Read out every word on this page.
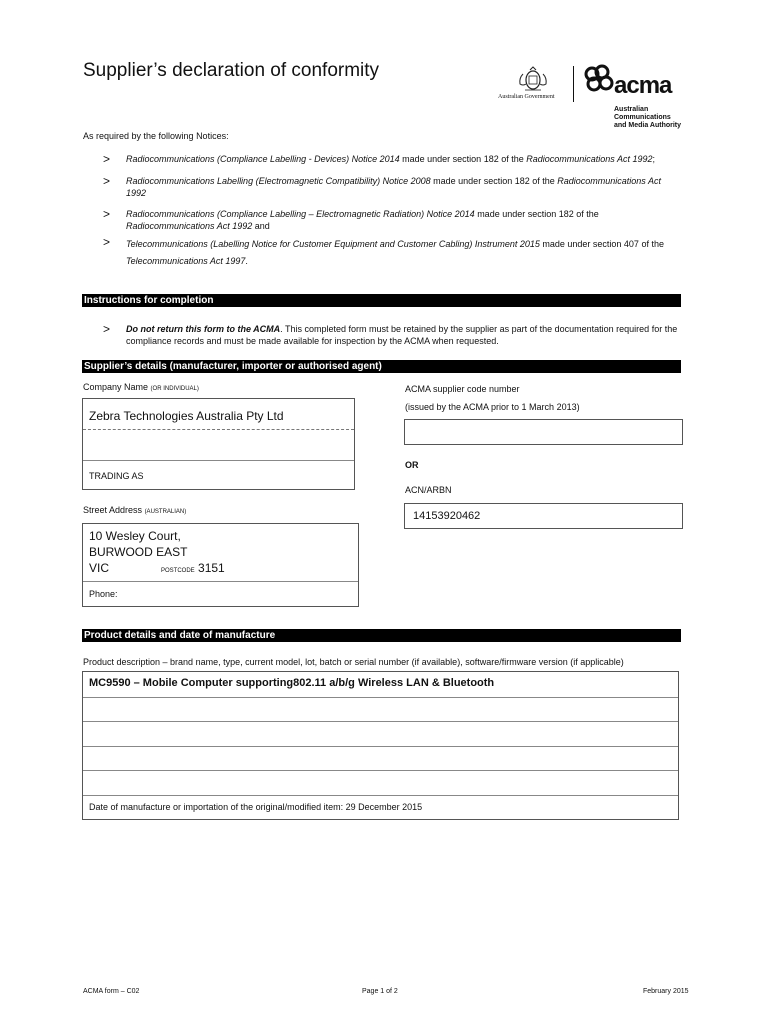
Supplier’s declaration of conformity
Australian Government acma
Australian
Communications
and Media Authority
As required by the following Notices:
> Radiocommunications (Compliance Labelling - Devices) Notice 2014 made under section 182 of the Radiocommunications Act 1992;
> Radiocommunications Labelling (Electromagnetic Compatibility) Notice 2008 made under section 182 of the Radiocommunications Act 1992
> Radiocommunications (Compliance Labelling – Electromagnetic Radiation) Notice 2014 made under section 182 of the Radiocommunications Act 1992 and
> Telecommunications (Labelling Notice for Customer Equipment and Customer Cabling) Instrument 2015 made under section 407 of the Telecommunications Act 1997.
Instructions for completion
> Do not return this form to the ACMA. This completed form must be retained by the supplier as part of the documentation required for the compliance records and must be made available for inspection by the ACMA when requested.
Supplier’s details (manufacturer, importer or authorised agent)
Company Name (OR INDIVIDUAL)
Zebra Technologies Australia Pty Ltd
TRADING AS
Street Address (AUSTRALIAN)
10 Wesley Court,
BURWOOD EAST
VIC	POSTCODE 3151
Phone:
ACMA supplier code number
(issued by the ACMA prior to 1 March 2013)
OR
ACN/ARBN
14153920462
Product details and date of manufacture
Product description – brand name, type, current model, lot, batch or serial number (if available), software/firmware version (if applicable)
MC9590 – Mobile Computer supporting802.11 a/b/g Wireless LAN & Bluetooth
Date of manufacture or importation of the original/modified item: 29 December 2015
ACMA form – C02	Page 1 of 2	February 2015
